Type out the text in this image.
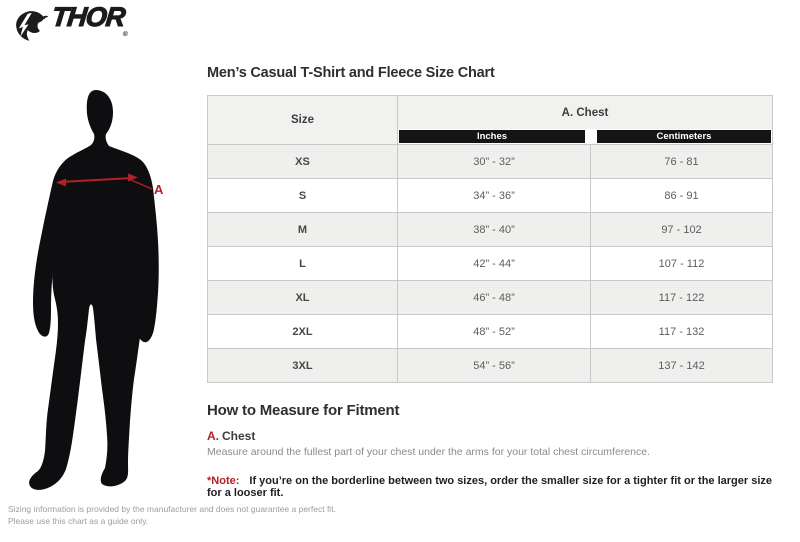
$THOR_®$
A
Men’s Casual T-Shirt and Fleece Size Chart
Size	A. Chest	

	Inches	Centimeters

XS	30” - 32”	76 - 81
S	34” - 36”	86 - 91
M	38” - 40”	97 - 102
L	42” - 44”	107 - 112
XL	46” - 48”	117 - 122
2XL	48” - 52”	117 - 132
3XL	54” - 56”	137 - 142
How to Measure for Fitment
A. Chest

Measure around the fullest part of your chest under the arms for your total chest circumference.

*Note: If you’re on the borderline between two sizes, order the smaller size for a tighter fit or the larger size for a looser fit.
Sizing information is provided by the manufacturer and does not guarantee a perfect fit.
Please use this chart as a guide only.
